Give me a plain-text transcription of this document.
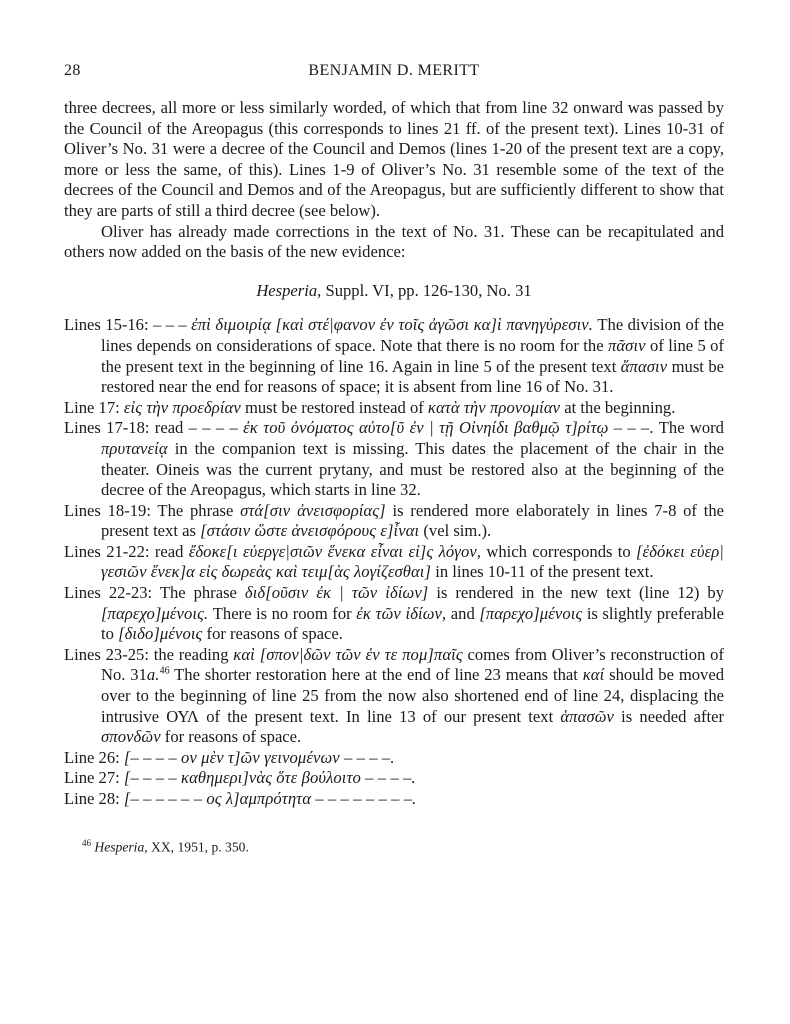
28	BENJAMIN D. MERITT

three decrees, all more or less similarly worded, of which that from line 32 onward was passed by the Council of the Areopagus (this corresponds to lines 21 ff. of the present text). Lines 10-31 of Oliver’s No. 31 were a decree of the Council and Demos (lines 1-20 of the present text are a copy, more or less the same, of this). Lines 1-9 of Oliver’s No. 31 resemble some of the text of the decrees of the Council and Demos and of the Areopagus, but are sufficiently different to show that they are parts of still a third decree (see below).

Oliver has already made corrections in the text of No. 31. These can be recapitulated and others now added on the basis of the new evidence:

Hesperia, Suppl. VI, pp. 126-130, No. 31

Lines 15-16: – – – ἐπὶ διμοιρίᾳ [καὶ στέ|φανον ἐν τοῖς ἀγῶσι κα]ὶ πανηγύρεσιν. The division of the lines depends on considerations of space. Note that there is no room for the πᾶσιν of line 5 of the present text in the beginning of line 16. Again in line 5 of the present text ἅπασιν must be restored near the end for reasons of space; it is absent from line 16 of No. 31.

Line 17: εἰς τὴν προεδρίαν must be restored instead of κατὰ τὴν προνομίαν at the beginning.

Lines 17-18: read – – – – ἐκ τοῦ ὀνόματος αὐτο[ῦ ἐν | τῇ Οἰνηίδι βαθμῷ τ]ρίτῳ – – –. The word πρυτανείᾳ in the companion text is missing. This dates the placement of the chair in the theater. Oineis was the current prytany, and must be restored also at the beginning of the decree of the Areopagus, which starts in line 32.

Lines 18-19: The phrase στά[σιν ἀνεισφορίας] is rendered more elaborately in lines 7-8 of the present text as [στάσιν ὥστε ἀνεισφόρους ε]ἶναι (vel sim.).

Lines 21-22: read ἔδοκε[ι εὐεργε|σιῶν ἕνεκα εἶναι εἰ]ς λόγον, which corresponds to [ἐδόκει εὐερ|γεσιῶν ἕνεκ]α εἰς δωρεὰς καὶ τειμ[ὰς λογίζεσθαι] in lines 10-11 of the present text.

Lines 22-23: The phrase διδ[οῦσιν ἐκ | τῶν ἰδίων] is rendered in the new text (line 12) by [παρεχο]μένοις. There is no room for ἐκ τῶν ἰδίων, and [παρεχο]μένοις is slightly preferable to [διδο]μένοις for reasons of space.

Lines 23-25: the reading καὶ [σπον|δῶν τῶν ἐν τε πομ]παῖς comes from Oliver’s reconstruction of No. 31a.$^{46}$ The shorter restoration here at the end of line 23 means that καί should be moved over to the beginning of line 25 from the now also shortened end of line 24, displacing the intrusive ΟΥΛ of the present text. In line 13 of our present text ἁπασῶν is needed after σπονδῶν for reasons of space.

Line 26: [– – – – ον μὲν τ]ῶν γεινομένων – – – –.

Line 27: [– – – – καθημερι]νὰς ὅτε βούλοιτο – – – –.

Line 28: [– – – – – – ος λ]αμπρότητα – – – – – – – –.

$^{46}$ Hesperia, XX, 1951, p. 350.
